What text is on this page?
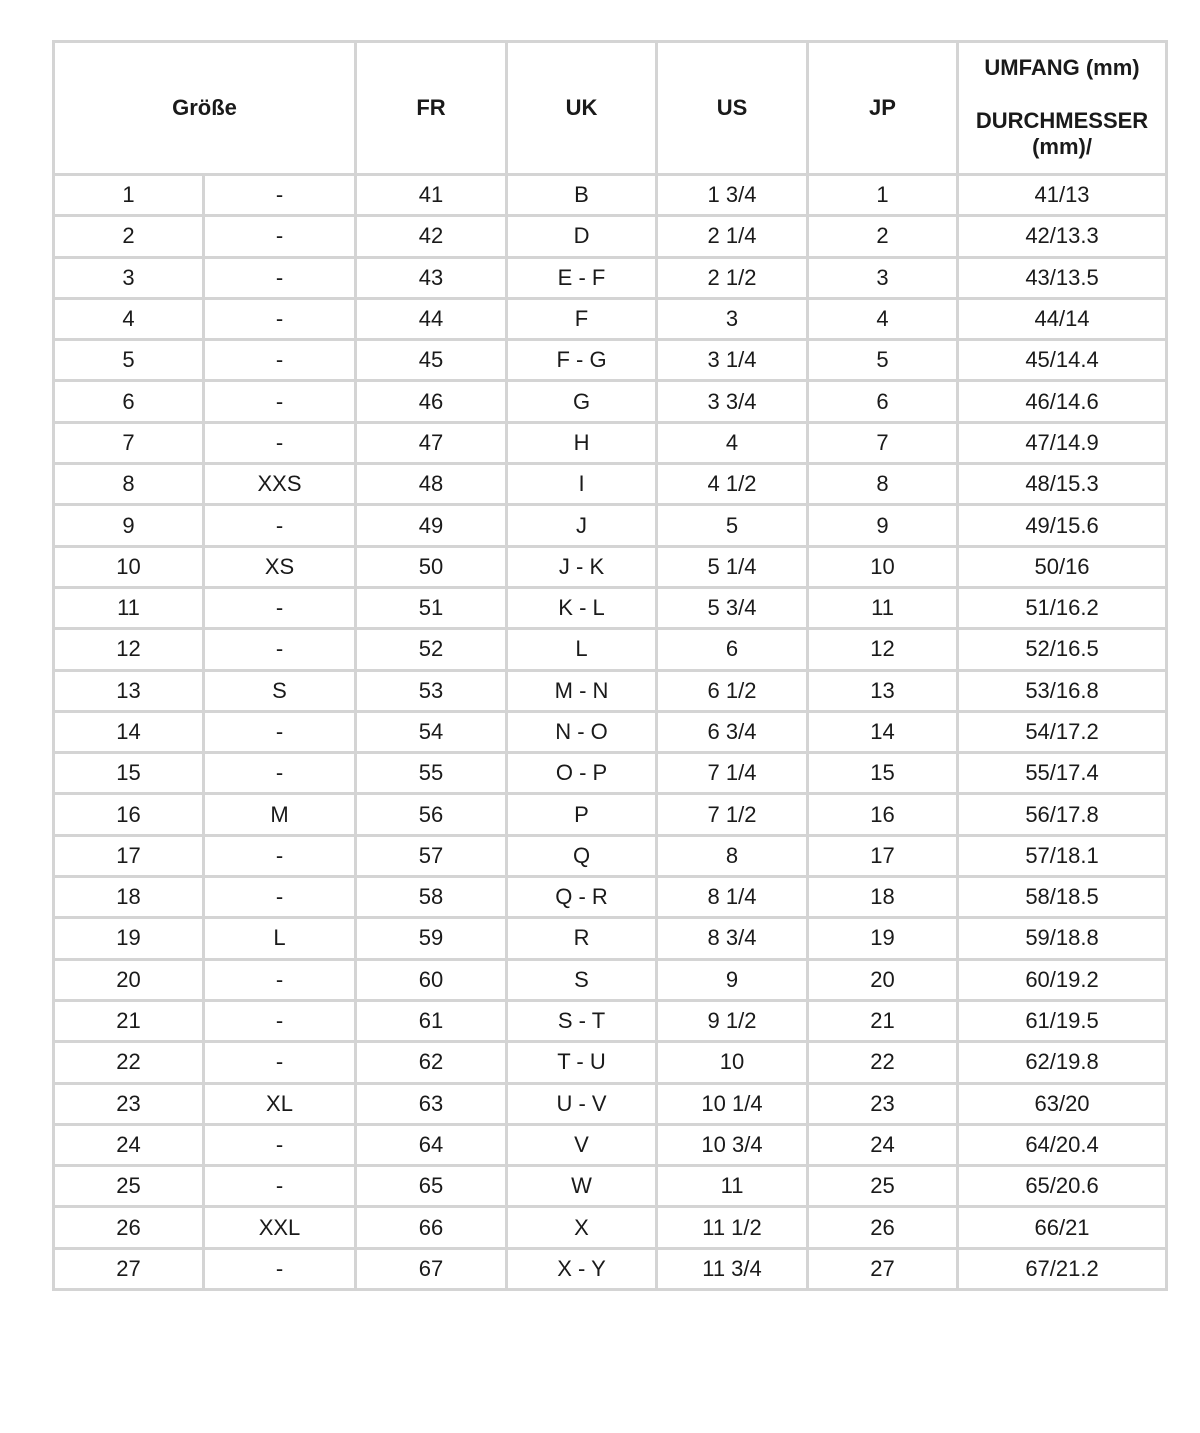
Größe		FR	UK	US	JP	UMFANG (mm)
DURCHMESSER (mm)/

1	-	41	B	1 3/4	1	41/13
2	-	42	D	2 1/4	2	42/13.3
3	-	43	E - F	2 1/2	3	43/13.5
4	-	44	F	3	4	44/14
5	-	45	F - G	3 1/4	5	45/14.4
6	-	46	G	3 3/4	6	46/14.6
7	-	47	H	4	7	47/14.9
8	XXS	48	I	4 1/2	8	48/15.3
9	-	49	J	5	9	49/15.6
10	XS	50	J - K	5 1/4	10	50/16
11	-	51	K - L	5 3/4	11	51/16.2
12	-	52	L	6	12	52/16.5
13	S	53	M - N	6 1/2	13	53/16.8
14	-	54	N - O	6 3/4	14	54/17.2
15	-	55	O - P	7 1/4	15	55/17.4
16	M	56	P	7 1/2	16	56/17.8
17	-	57	Q	8	17	57/18.1
18	-	58	Q - R	8 1/4	18	58/18.5
19	L	59	R	8 3/4	19	59/18.8
20	-	60	S	9	20	60/19.2
21	-	61	S - T	9 1/2	21	61/19.5
22	-	62	T - U	10	22	62/19.8
23	XL	63	U - V	10 1/4	23	63/20
24	-	64	V	10 3/4	24	64/20.4
25	-	65	W	11	25	65/20.6
26	XXL	66	X	11 1/2	26	66/21
27	-	67	X - Y	11 3/4	27	67/21.2
